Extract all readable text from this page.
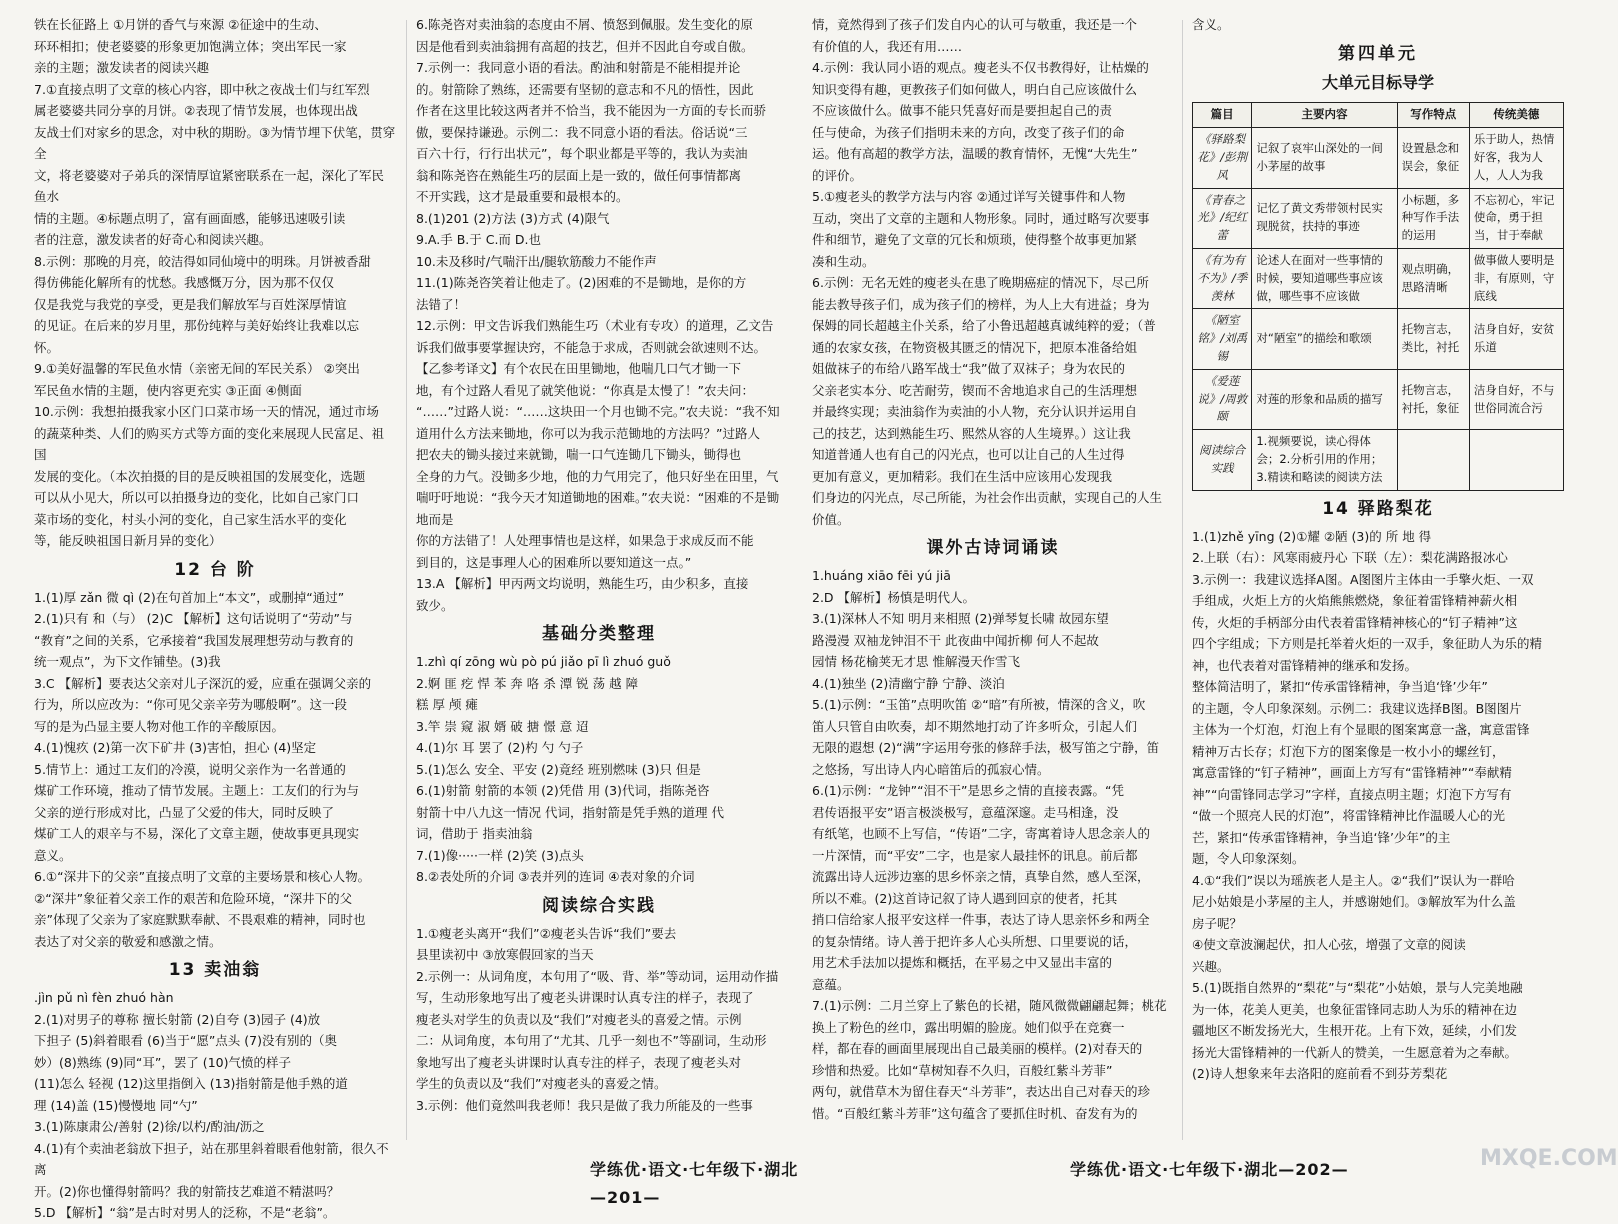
铁在长征路上 ①月饼的香气与來源 ②征途中的生动、

环环相扣；使老婆婆的形象更加饱满立体；突出军民一家

亲的主题；激发读者的阅读兴趣

7.①直接点明了文章的核心内容，即中秋之夜战士们与红军烈

属老婆婆共同分享的月饼。②表现了情节发展，也体现出战

友战士们对家乡的思念，对中秋的期盼。③为情节埋下伏笔，贯穿全

文，将老婆婆对子弟兵的深情厚谊紧密联系在一起，深化了军民鱼水

情的主题。④标题点明了，富有画面感，能够迅速吸引读

者的注意，激发读者的好奇心和阅读兴趣。

8.示例：那晚的月亮，皎洁得如同仙境中的明珠。月饼被香甜

得仿佛能化解所有的忧愁。我感慨万分，因为那不仅仅

仅是我党与我党的享受，更是我们解放军与百姓深厚情谊

的见证。在后来的岁月里，那份纯粹与美好始终让我难以忘

怀。

9.①美好温馨的军民鱼水情（亲密无间的军民关系） ②突出

军民鱼水情的主题，使内容更充实 ③正面 ④侧面

10.示例：我想拍摄我家小区门口菜市场一天的情况，通过市场

的蔬菜种类、人们的购买方式等方面的变化来展现人民富足、祖国

发展的变化。（本次拍摄的目的是反映祖国的发展变化，选题

可以从小见大，所以可以拍摄身边的变化，比如自己家门口

菜市场的变化，村头小河的变化，自己家生活水平的变化

等，能反映祖国日新月异的变化）

12 台 阶

1.(1)厚 zǎn 微 qì (2)在句首加上“本文”，或删掉“通过”

2.(1)只有 和（与） (2)C 【解析】这句话说明了“劳动”与

“教育”之间的关系，它承接着“我国发展理想劳动与教育的

统一观点”，为下文作铺垫。(3)我

3.C 【解析】要表达父亲对儿子深沉的爱，应重在强调父亲的

行为，所以应改为：“你可见父亲辛劳为哪般啊”。这一段

写的是为凸显主要人物对他工作的辛酸原因。

4.(1)愧疚 (2)第一次下矿井 (3)害怕，担心 (4)坚定

5.情节上：通过工友们的冷漠，说明父亲作为一名普通的

煤矿工作环境，推动了情节发展。主题上：工友们的行为与

父亲的逆行形成对比，凸显了父爱的伟大，同时反映了

煤矿工人的艰辛与不易，深化了文章主题，使故事更具现实

意义。

6.①“深井下的父亲”直接点明了文章的主要场景和核心人物。

②“深井”象征着父亲工作的艰苦和危险环境，“深井下的父

亲”体现了父亲为了家庭默默奉献、不畏艰难的精神，同时也

表达了对父亲的敬爱和感激之情。

13 卖油翁

.jìn pǔ nì fèn zhuó hàn

2.(1)对男子的尊称 擅长射箭 (2)自夸 (3)园子 (4)放

下担子 (5)斜着眼看 (6)当于“愿”点头 (7)没有别的（奥

妙）(8)熟练 (9)同“耳”，罢了 (10)气愤的样子

(11)怎么 轻视 (12)这里指倒入 (13)指射箭是他手熟的道

理 (14)盖 (15)慢慢地 同“勺”

3.(1)陈康肃公/善射 (2)徐/以杓/酌油/沥之

4.(1)有个卖油老翁放下担子，站在那里斜着眼看他射箭，很久不离

开。(2)你也懂得射箭吗？我的射箭技艺难道不精湛吗？

5.D 【解析】“翁”是古时对男人的泛称，不是“老翁”。

6.陈尧咨对卖油翁的态度由不屑、愤怒到佩服。发生变化的原

因是他看到卖油翁拥有高超的技艺，但并不因此自夸或自傲。

7.示例一：我同意小语的看法。酌油和射箭是不能相提并论

的。射箭除了熟练，还需要有坚韧的意志和不凡的悟性，因此

作者在这里比较这两者并不恰当，我不能因为一方面的专长而骄

傲，要保持谦逊。示例二：我不同意小语的看法。俗话说“三

百六十行，行行出状元”，每个职业都是平等的，我认为卖油

翁和陈尧咨在熟能生巧的层面上是一致的，做任何事情都离

不开实践，这才是最重要和最根本的。

8.(1)201 (2)方法 (3)方式 (4)限气

9.A.手 B.于 C.而 D.也

10.未及移时/气喘汗出/腿软筋酸力不能作声

11.(1)陈尧咨笑着让他走了。(2)困难的不是锄地，是你的方

法错了！

12.示例：甲文告诉我们熟能生巧（术业有专攻）的道理，乙文告

诉我们做事要掌握诀窍，不能急于求成，否则就会欲速则不达。

【乙参考译文】有个农民在田里锄地，他喘几口气才锄一下

地，有个过路人看见了就笑他说：“你真是太慢了！”农夫问：

“……”过路人说：“……这块田一个月也锄不完。”农夫说：“我不知

道用什么方法来锄地，你可以为我示范锄地的方法吗？”过路人

把农夫的锄头接过来就锄，喘一口气连锄几下锄头，锄得也

全身的力气。没锄多少地，他的力气用完了，他只好坐在田里，气

喘吁吁地说：“我今天才知道锄地的困难。”农夫说：“困难的不是锄地而是

你的方法错了！人处理事情也是这样，如果急于求成反而不能

到目的，这是事理人心的困难所以要知道这一点。”

13.A 【解析】甲丙两文均说明，熟能生巧，由少积多，直接

致少。

基础分类整理

1.zhì qí zōng wù pò pú jiǎo pī lì zhuó guǒ

2.婀 匪 疙 悍 苯 奔 咯 杀 潭 锐 荡 越 障

糕 厚 颅 瘫

3.竿 崇 窥 淑 婿 破 搪 憬 意 迢

4.(1)尔 耳 罢了 (2)杓 勺 勺子

5.(1)怎么 安全、平安 (2)竟经 班别燃味 (3)只 但是

6.(1)射箭 射箭的本领 (2)凭借 用 (3)代词，指陈尧咨

射箭十中八九这一情况 代词，指射箭是凭手熟的道理 代

词，借助于 指卖油翁

7.(1)像·····一样 (2)笑 (3)点头

8.②表处所的介词 ③表并列的连词 ④表对象的介词

阅读综合实践

1.①瘦老头离开“我们”②瘦老头告诉“我们”要去

县里读初中 ③放寒假回家的当天

2.示例一：从词角度，本句用了“吸、背、举”等动词，运用动作描

写，生动形象地写出了瘦老头讲课时认真专注的样子，表现了

瘦老头对学生的负责以及“我们”对瘦老头的喜爱之情。示例

二：从词角度，本句用了“尤其、几乎一刻也不”等副词，生动形

象地写出了瘦老头讲课时认真专注的样子，表现了瘦老头对

学生的负责以及“我们”对瘦老头的喜爱之情。

3.示例：他们竟然叫我老师！我只是做了我力所能及的一些事

学练优·语文·七年级下·湖北—201—

情，竟然得到了孩子们发自内心的认可与敬重，我还是一个

有价值的人，我还有用……

4.示例：我认同小语的观点。瘦老头不仅书教得好，让枯燥的

知识变得有趣，更教孩子们如何做人，明白自己应该做什么

不应该做什么。做事不能只凭喜好而是要担起自己的责

任与使命，为孩子们指明未来的方向，改变了孩子们的命

运。他有高超的教学方法，温暖的教育情怀，无愧“大先生”

的评价。

5.①瘦老头的教学方法与内容 ②通过详写关键事件和人物

互动，突出了文章的主题和人物形象。同时，通过略写次要事

件和细节，避免了文章的冗长和烦琐，使得整个故事更加紧

凑和生动。

6.示例：无名无姓的瘦老头在患了晚期癌症的情况下，尽己所

能去教导孩子们，成为孩子们的榜样，为人上大有进益；身为

保姆的同长超越主仆关系，给了小鲁迅超越真诚纯粹的爱；（普

通的农家女孩，在物资极其匮乏的情况下，把原本准备给姐

姐做袜子的布给八路军战士“我”做了双袜子；身为农民的

父亲老实本分、吃苦耐劳，锲而不舍地追求自己的生活理想

并最终实现；卖油翁作为卖油的小人物，充分认识并运用自

己的技艺，达到熟能生巧、熙然从容的人生境界。）这让我

知道普通人也有自己的闪光点，也可以让自己的人生过得

更加有意义，更加精彩。我们在生活中应该用心发现我

们身边的闪光点，尽己所能，为社会作出贡献，实现自己的人生

价值。

课外古诗词诵读

1.huáng xiāo fēi yú jiā

2.D 【解析】杨慎是明代人。

3.(1)深林人不知 明月来相照 (2)弹琴复长啸 故园东望

路漫漫 双袖龙钟泪不干 此夜曲中闻折柳 何人不起故

园情 杨花榆荚无才思 惟解漫天作雪飞

4.(1)独坐 (2)清幽宁静 宁静、淡泊

5.(1)示例：“玉笛”点明吹笛 ②“暗”有所被，情深的含义，吹

笛人只管自由吹奏，却不期然地打动了许多听众，引起人们

无限的遐想 (2)“满”字运用夸张的修辞手法，极写笛之宁静，笛

之悠扬，写出诗人内心暗笛后的孤寂心情。

6.(1)示例：“龙钟”“泪不干”是思乡之情的直接表露。“凭

君传语报平安”语言极淡极写，意蕴深邃。走马相逢，没

有纸笔，也顾不上写信，“传语”二字，寄寓着诗人思念亲人的

一片深情，而“平安”二字，也是家人最挂怀的讯息。前后都

流露出诗人远涉边塞的思乡怀亲之情，真挚自然，感人至深，

所以不难。(2)这首诗记叙了诗人遇到回京的使者，托其

捎口信给家人报平安这样一件事，表达了诗人思亲怀乡和两全

的复杂情绪。诗人善于把许多人心头所想、口里要说的话，

用艺术手法加以提炼和概括，在平易之中又显出丰富的

意蕴。

7.(1)示例：二月兰穿上了紫色的长裙，随风微微翩翩起舞；桃花

换上了粉色的丝巾，露出明媚的脸庞。她们似乎在竞赛一

样，都在春的画面里展现出自己最美丽的模样。(2)对春天的

珍惜和热爱。比如“草树知春不久归，百般红紫斗芳菲”

两句，就借草木为留住春天“斗芳菲”，表达出自己对春天的珍

惜。“百般红紫斗芳菲”这句蕴含了要抓住时机、奋发有为的

含义。

第四单元
大单元目标导学
篇目	主要内容	写作特点	传统美德
《驿路梨花》/彭荆风	记叙了哀牢山深处的一间小茅屋的故事	设置悬念和误会，象征	乐于助人，热情好客，我为人人，人人为我
《青春之光》/纪红蕾	记忆了黄文秀带领村民实现脱贫，扶持的事迹	小标题，多种写作手法的运用	不忘初心，牢记使命，勇于担当，甘于奉献
《有为有不为》/季羡林	论述人在面对一些事情的时候，要知道哪些事应该做，哪些事不应该做	观点明确，思路清晰	做事做人要明是非，有原则，守底线
《陋室铭》/刘禹锡	对“陋室”的描绘和歌颂	托物言志，类比，衬托	洁身自好，安贫乐道
《爱莲说》/周敦颐	对莲的形象和品质的描写	托物言志，衬托，象征	洁身自好，不与世俗同流合污
阅读综合实践	1.视频要说，读心得体会；2.分析引用的作用；3.精读和略读的阅读方法		
14 驿路梨花

1.(1)zhě yīng (2)①耀 ②陋 (3)的 所 地 得

2.上联（右）：风寒雨疲丹心 下联（左）：梨花满路报冰心

3.示例一：我建议选择A图。A图图片主体由一手擎火炬、一双

手组成，火炬上方的火焰熊熊燃烧，象征着雷锋精神薪火相

传，火炬的手柄部分由代表着雷锋精神核心的“钉子精神”这

四个字组成；下方则是托举着火炬的一双手，象征助人为乐的精神，也代表着对雷锋精神的继承和发扬。

整体简洁明了，紧扣“传承雷锋精神，争当追‘锋’少年”

的主题，令人印象深刻。示例二：我建议选择B图。B图图片

主体为一个灯泡，灯泡上有个显眼的图案寓意一盏，寓意雷锋

精神万古长存；灯泡下方的图案像是一枚小小的螺丝钉，

寓意雷锋的“钉子精神”，画面上方写有“雷锋精神”“奉献精

神”“向雷锋同志学习”字样，直接点明主题；灯泡下方写有

“做一个照亮人民的灯泡”，将雷锋精神比作温暖人心的光

芒，紧扣“传承雷锋精神，争当追‘锋’少年”的主

题，令人印象深刻。

4.①“我们”误以为瑶族老人是主人。②“我们”误认为一群哈

尼小姑娘是小茅屋的主人，并感谢她们。③解放军为什么盖

房子呢？

④使文章波澜起伏，扣人心弦，增强了文章的阅读

兴趣。

5.(1)既指自然界的“梨花”与“梨花”小姑娘，景与人完美地融

为一体，花美人更美，也象征雷锋同志助人为乐的精神在边

疆地区不断发扬光大，生根开花。上有下效，延续，小们发

扬光大雷锋精神的一代新人的赞美，一生愿意着为之奉献。

(2)诗人想象来年去洛阳的庭前看不到芬芳梨花

学练优·语文·七年级下·湖北—202—	MXQE.COM
